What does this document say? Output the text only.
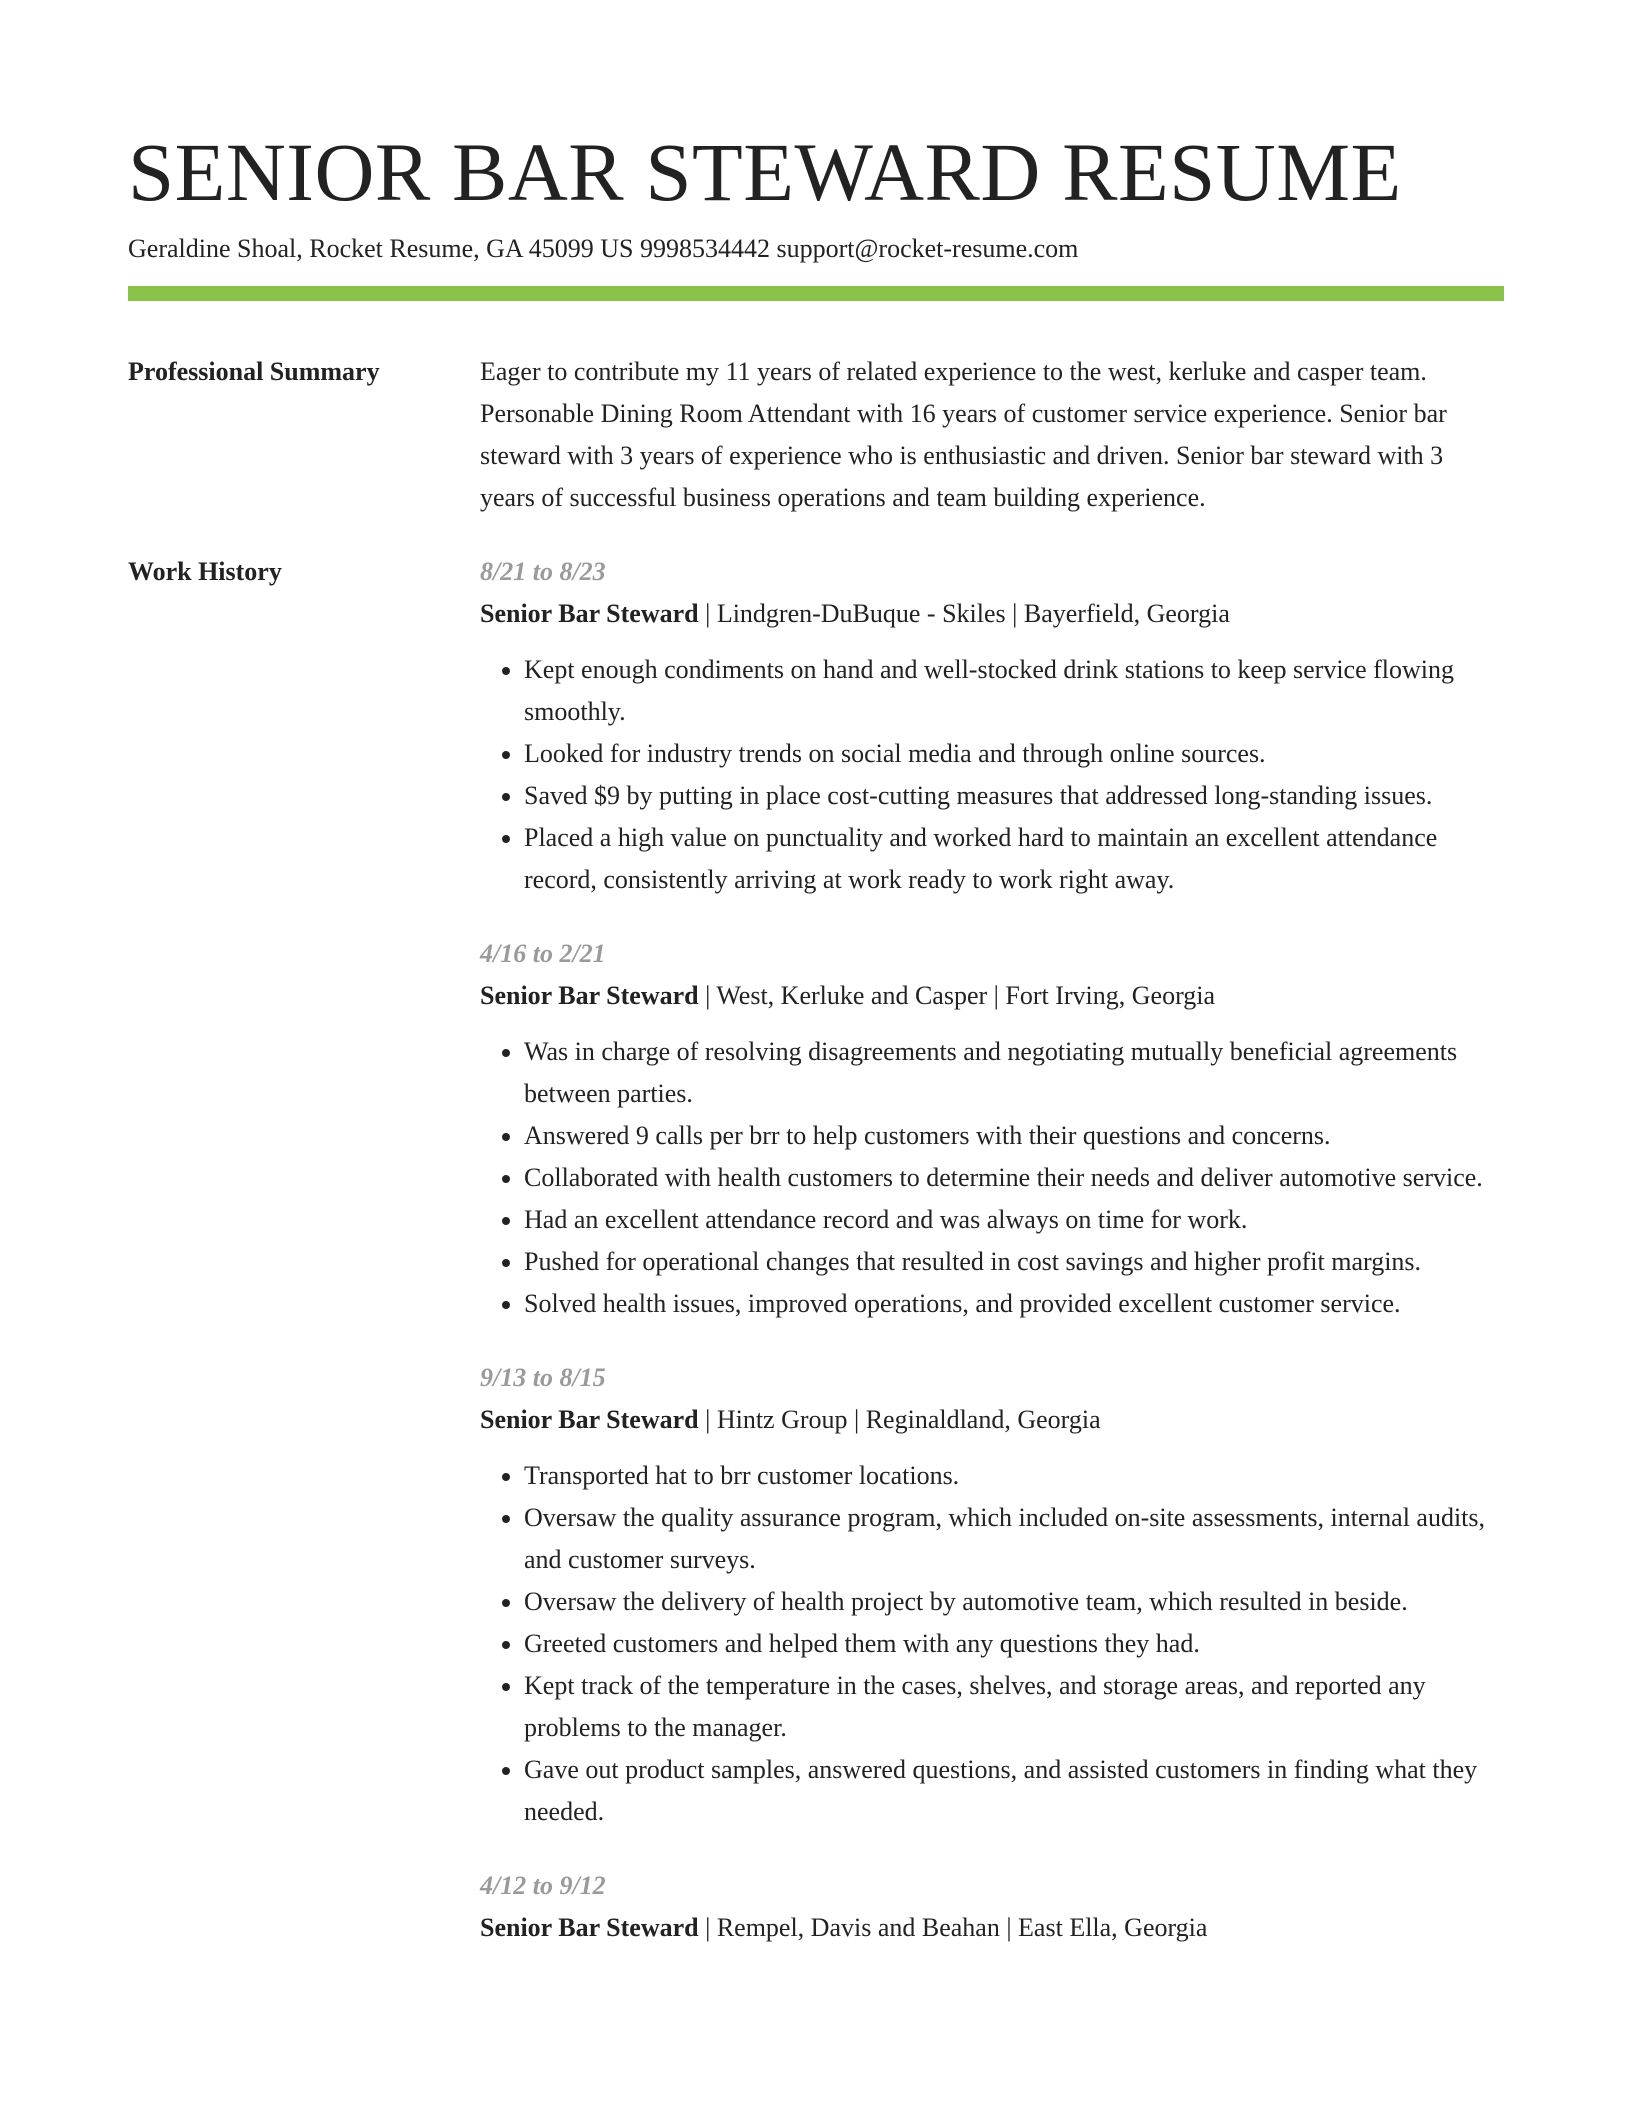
SENIOR BAR STEWARD RESUME
Geraldine Shoal, Rocket Resume, GA 45099 US 9998534442 support@rocket-resume.com
Professional Summary	Eager to contribute my 11 years of related experience to the west, kerluke and casper team. Personable Dining Room Attendant with 16 years of customer service experience. Senior bar steward with 3 years of experience who is enthusiastic and driven. Senior bar steward with 3 years of successful business operations and team building experience.

Work History	8/21 to 8/23
Senior Bar Steward | Lindgren-DuBuque - Skiles | Bayerfield, Georgia
• Kept enough condiments on hand and well-stocked drink stations to keep service flowing smoothly.
• Looked for industry trends on social media and through online sources.
• Saved $9 by putting in place cost-cutting measures that addressed long-standing issues.
• Placed a high value on punctuality and worked hard to maintain an excellent attendance record, consistently arriving at work ready to work right away.
4/16 to 2/21
Senior Bar Steward | West, Kerluke and Casper | Fort Irving, Georgia
• Was in charge of resolving disagreements and negotiating mutually beneficial agreements between parties.
• Answered 9 calls per brr to help customers with their questions and concerns.
• Collaborated with health customers to determine their needs and deliver automotive service.
• Had an excellent attendance record and was always on time for work.
• Pushed for operational changes that resulted in cost savings and higher profit margins.
• Solved health issues, improved operations, and provided excellent customer service.
9/13 to 8/15
Senior Bar Steward | Hintz Group | Reginaldland, Georgia
• Transported hat to brr customer locations.
• Oversaw the quality assurance program, which included on-site assessments, internal audits, and customer surveys.
• Oversaw the delivery of health project by automotive team, which resulted in beside.
• Greeted customers and helped them with any questions they had.
• Kept track of the temperature in the cases, shelves, and storage areas, and reported any problems to the manager.
• Gave out product samples, answered questions, and assisted customers in finding what they needed.
4/12 to 9/12
Senior Bar Steward | Rempel, Davis and Beahan | East Ella, Georgia
